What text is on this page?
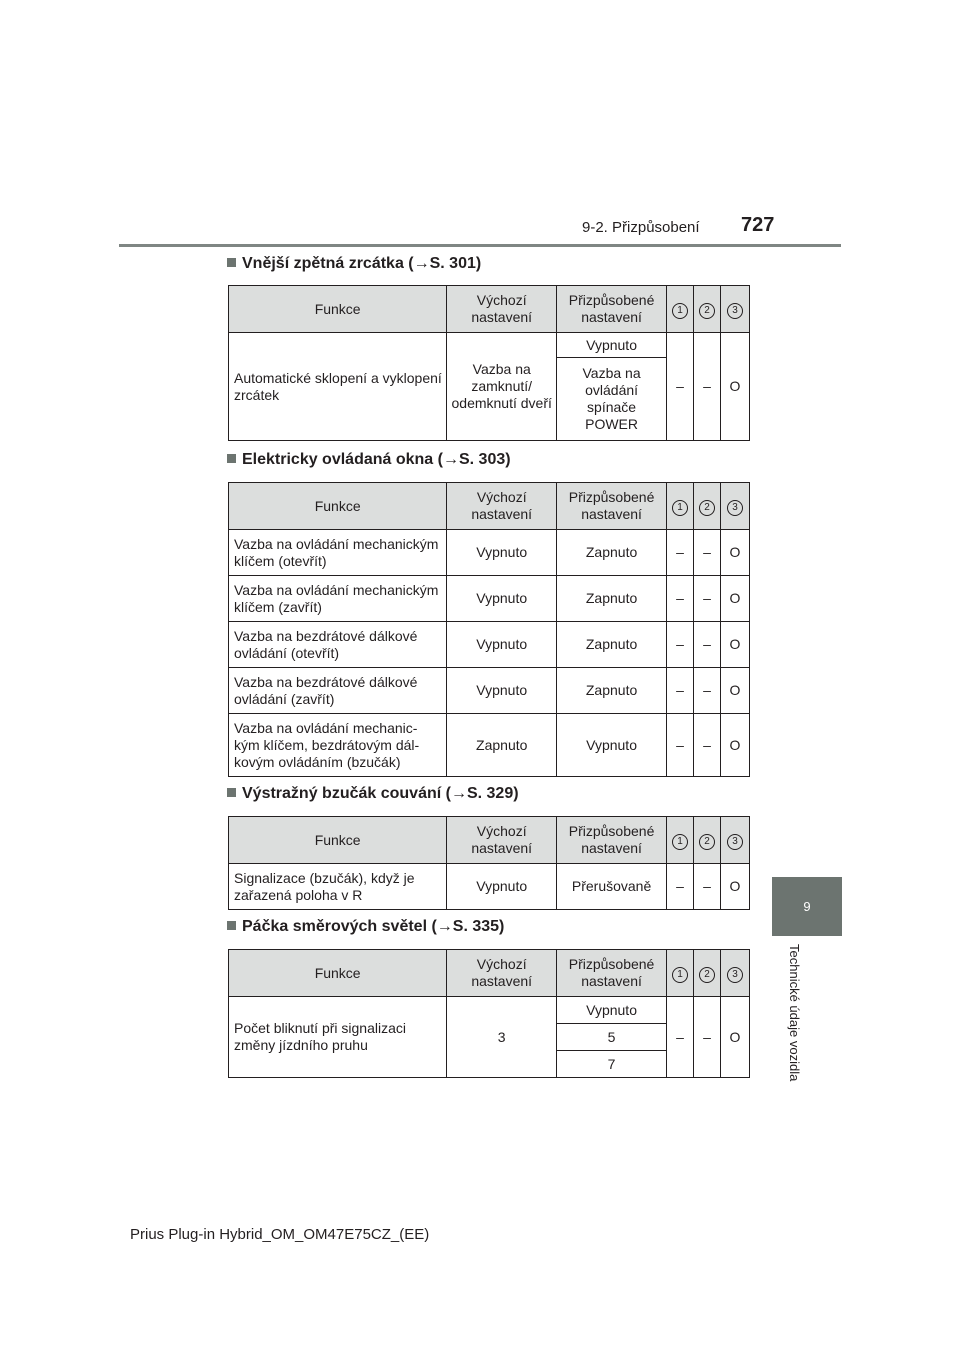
9-2. Přizpůsobení 727
9
Technické údaje vozidla
Vnější zpětná zrcátka (→S. 301)
Funkce	Výchozí nastavení	Přizpůsobené nastavení	1	2	3
Automatické sklopení a vyklopení zrcátek	Vazba na zamknutí/ odemknutí dveří	Vypnuto	–	–	O
		Vazba na ovládání spínače POWER			
Elektricky ovládaná okna (→S. 303)
Funkce	Výchozí nastavení	Přizpůsobené nastavení	1	2	3
Vazba na ovládání mechanickým klíčem (otevřít)	Vypnuto	Zapnuto	–	–	O
Vazba na ovládání mechanickým klíčem (zavřít)	Vypnuto	Zapnuto	–	–	O
Vazba na bezdrátové dálkové ovládání (otevřít)	Vypnuto	Zapnuto	–	–	O
Vazba na bezdrátové dálkové ovládání (zavřít)	Vypnuto	Zapnuto	–	–	O
Vazba na ovládání mechanic-kým klíčem, bezdrátovým dál-kovým ovládáním (bzučák)	Zapnuto	Vypnuto	–	–	O
Výstražný bzučák couvání (→S. 329)
Funkce	Výchozí nastavení	Přizpůsobené nastavení	1	2	3
Signalizace (bzučák), když je zařazená poloha v R	Vypnuto	Přerušovaně	–	–	O
Páčka směrových světel (→S. 335)
Funkce	Výchozí nastavení	Přizpůsobené nastavení	1	2	3
Počet bliknutí při signalizaci změny jízdního pruhu	3	Vypnuto	–	–	O
		5			
		7			
Prius Plug-in Hybrid_OM_OM47E75CZ_(EE)
